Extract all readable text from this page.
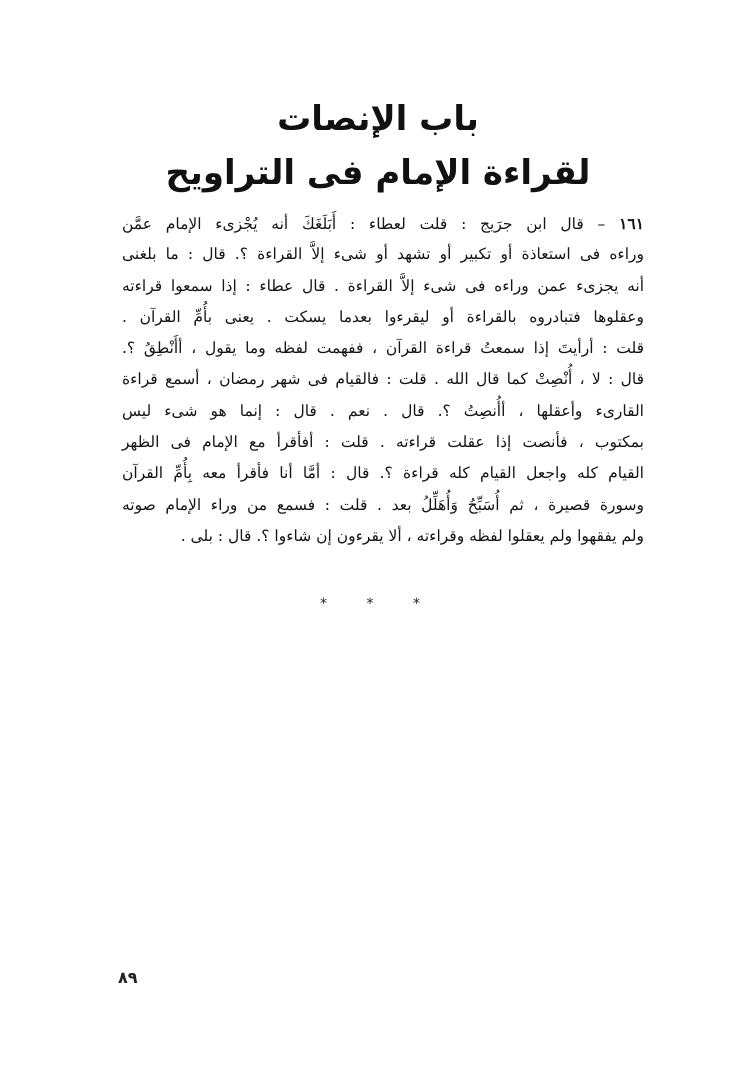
باب الإنصات
لقراءة الإمام فى التراويح
١٦١ – قال ابن جرَيج : قلت لعطاء : أَبَلَغَكَ أنه يُجْزىء الإمام عمَّن
وراءه فى استعاذة أو تكبير أو تشهد أو شىء إلاَّ القراءة ؟. قال : ما بلغنى
أنه يجزىء عمن وراءه فى شىء إلاَّ القراءة . قال عطاء : إذا سمعوا قراءته
وعقلوها فتبادروه بالقراءة أو ليقرءوا بعدما يسكت . يعنى بأُمِّ القرآن .
قلت : أرأيتَ إذا سمعتُ قراءة القرآن ، ففهمت لفظه وما يقول ، أأَنْطِقُ ؟.
قال : لا ، أُنْصِتْ كما قال الله . قلت : فالقيام فى شهر رمضان ، أسمع قراءة
القارىء وأعقلها ، أأُنصِتُ ؟. قال . نعم . قال : إنما هو شىء ليس
بمكتوب ، فأنصت إذا عقلت قراءته . قلت : أفأقرأ مع الإمام فى الظهر
القيام كله واجعل القيام كله قراءة ؟. قال : أمَّا أنا فأقرأ معه بِأُمِّ القرآن
وسورة قصيرة ، ثم أُسَبِّحُ وَأُهَلِّلُ بعد . قلت : فسمع من وراء الإمام صوته
ولم يفقهوا ولم يعقلوا لفظه وقراءته ، ألا يقرءون إن شاءوا ؟. قال : بلى .
*	*	*
٨٩
